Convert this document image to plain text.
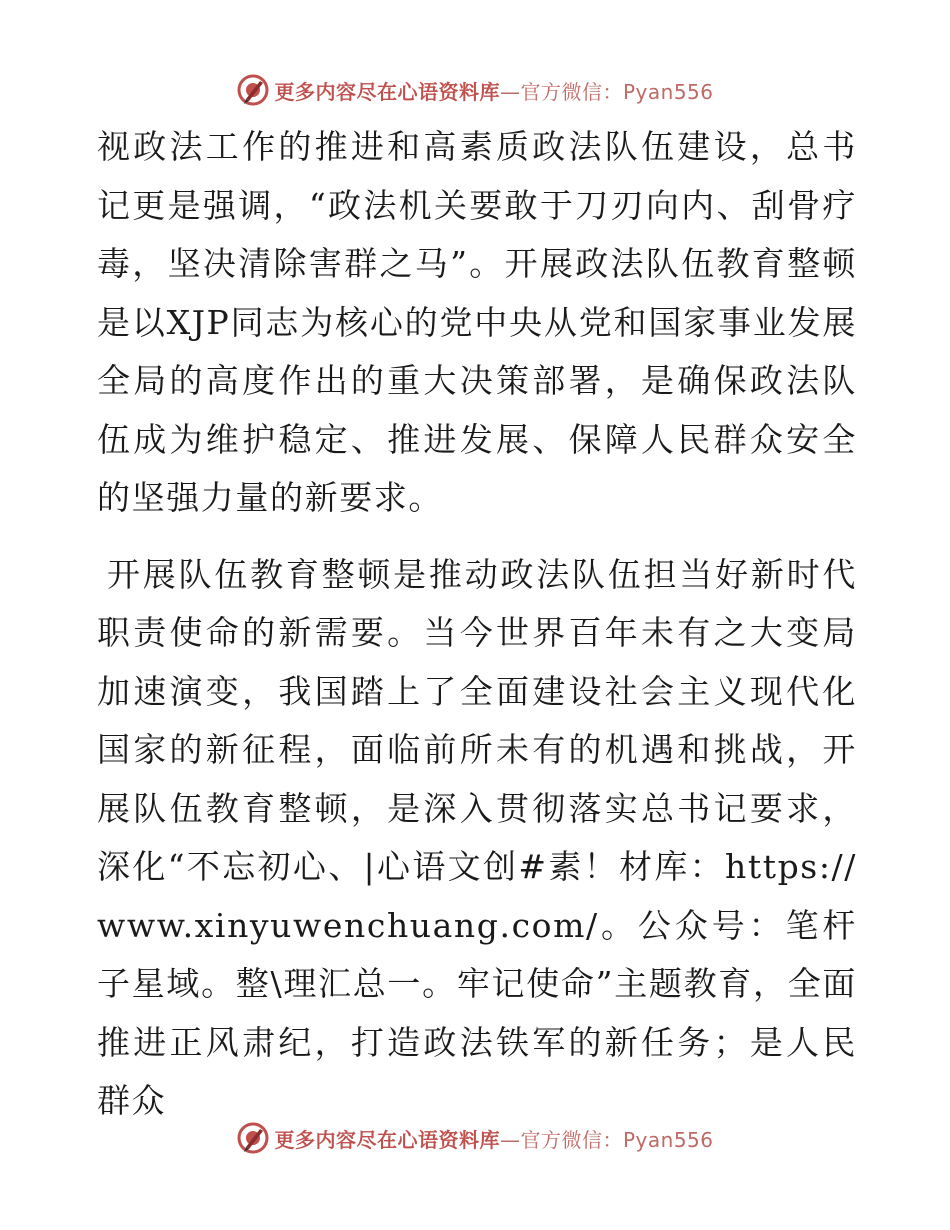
更多内容尽在心语资料库—官方微信：Pyan556

视政法工作的推进和高素质政法队伍建设，总书记更是强调，“政法机关要敢于刀刃向内、刮骨疗毒，坚决清除害群之马”。开展政法队伍教育整顿是以XJP同志为核心的党中央从党和国家事业发展全局的高度作出的重大决策部署，是确保政法队伍成为维护稳定、推进发展、保障人民群众安全的坚强力量的新要求。

开展队伍教育整顿是推动政法队伍担当好新时代职责使命的新需要。当今世界百年未有之大变局加速演变，我国踏上了全面建设社会主义现代化国家的新征程，面临前所未有的机遇和挑战，开展队伍教育整顿，是深入贯彻落实总书记要求，深化“不忘初心、|心语文创#素！材库：https://www.xinyuwenchuang.com/。公众号：笔杆子星域。整\理汇总一。牢记使命”主题教育，全面推进正风肃纪，打造政法铁军的新任务；是人民群众

更多内容尽在心语资料库—官方微信：Pyan556
